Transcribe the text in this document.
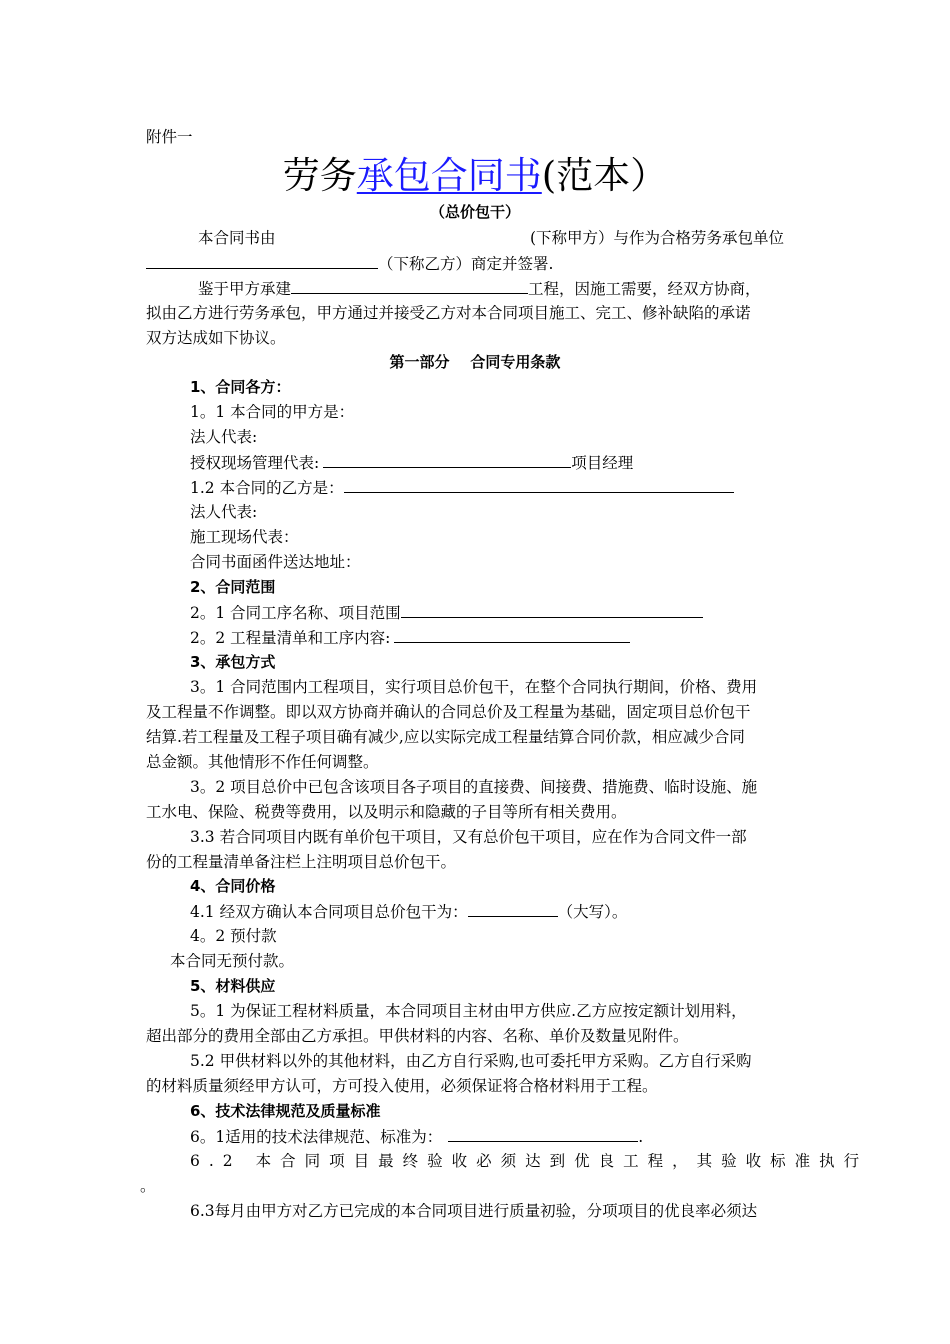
附件一
劳务承包合同书(范本）
（总价包干）
本合同书由	(下称甲方）与作为合格劳务承包单位
（下称乙方）商定并签署.
鉴于甲方承建	工程，因施工需要，经双方协商，
拟由乙方进行劳务承包，甲方通过并接受乙方对本合同项目施工、完工、修补缺陷的承诺
双方达成如下协议。
第一部分    合同专用条款
1、合同各方：
1。1 本合同的甲方是：
法人代表:
授权现场管理代表:	项目经理
1.2 本合同的乙方是：
法人代表:
施工现场代表：
合同书面函件送达地址：
2、合同范围
2。1 合同工序名称、项目范围
2。2 工程量清单和工序内容:
3、承包方式
3。1 合同范围内工程项目，实行项目总价包干，在整个合同执行期间，价格、费用
及工程量不作调整。即以双方协商并确认的合同总价及工程量为基础，固定项目总价包干
结算.若工程量及工程子项目确有减少,应以实际完成工程量结算合同价款，相应减少合同
总金额。其他情形不作任何调整。
3。2 项目总价中已包含该项目各子项目的直接费、间接费、措施费、临时设施、施
工水电、保险、税费等费用，以及明示和隐藏的子目等所有相关费用。
3.3 若合同项目内既有单价包干项目，又有总价包干项目，应在作为合同文件一部
份的工程量清单备注栏上注明项目总价包干。
4、合同价格
4.1 经双方确认本合同项目总价包干为：	（大写）。
4。2 预付款
本合同无预付款。
5、材料供应
5。1 为保证工程材料质量，本合同项目主材由甲方供应.乙方应按定额计划用料，
超出部分的费用全部由乙方承担。甲供材料的内容、名称、单价及数量见附件。
5.2 甲供材料以外的其他材料，由乙方自行采购,也可委托甲方采购。乙方自行采购
的材料质量须经甲方认可，方可投入使用，必须保证将合格材料用于工程。
6、技术法律规范及质量标准
6。1适用的技术法律规范、标准为：	.
6.2 本合同项目最终验收必须达到优良工程，其验收标准执行
。
6.3每月由甲方对乙方已完成的本合同项目进行质量初验，分项项目的优良率必须达
